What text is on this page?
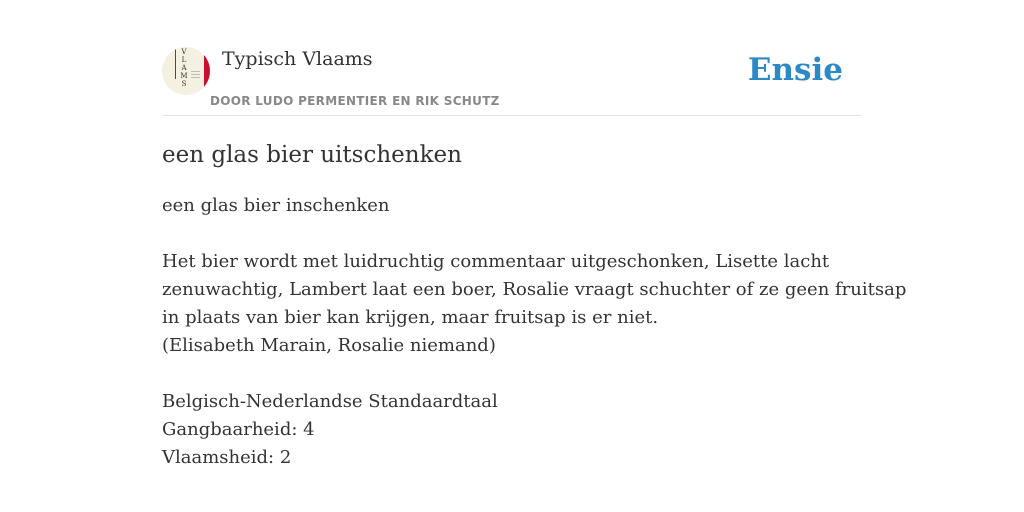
V
L
A
M
S
Typisch Vlaams
DOOR LUDO PERMENTIER EN RIK SCHUTZ
Ensie
een glas bier uitschenken
een glas bier inschenken
Het bier wordt met luidruchtig commentaar uitgeschonken, Lisette lacht
zenuwachtig, Lambert laat een boer, Rosalie vraagt schuchter of ze geen fruitsap
in plaats van bier kan krijgen, maar fruitsap is er niet.
(Elisabeth Marain, Rosalie niemand)
Belgisch-Nederlandse Standaardtaal
Gangbaarheid: 4
Vlaamsheid: 2
